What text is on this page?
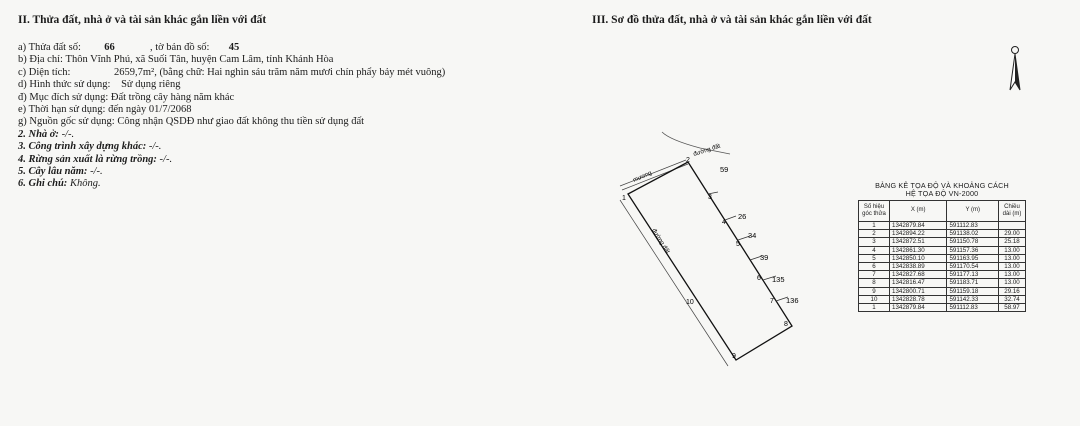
II. Thửa đất, nhà ở và tài sản khác gắn liền với đất
a) Thửa đất số: 66	, tờ bản đồ số: 45
b) Địa chỉ: Thôn Vĩnh Phú, xã Suối Tân, huyện Cam Lâm, tỉnh Khánh Hòa
c) Diện tích:	2659,7m², (bằng chữ: Hai nghìn sáu trăm năm mươi chín phẩy bảy mét vuông)
d) Hình thức sử dụng: Sử dụng riêng
đ) Mục đích sử dụng: Đất trồng cây hàng năm khác
e) Thời hạn sử dụng: đến ngày 01/7/2068
g) Nguồn gốc sử dụng: Công nhận QSDĐ như giao đất không thu tiền sử dụng đất
2. Nhà ở: -/-.
3. Công trình xây dựng khác: -/-.
4. Rừng sản xuất là rừng trồng: -/-.
5. Cây lâu năm: -/-.
6. Ghi chú: Không.
III. Sơ đồ thửa đất, nhà ở và tài sản khác gắn liền với đất
mương
đường đất
đường đất
59
26
34
39
135
136
1
2
3
4
5
6
7
8
9
10
BẢNG KÊ TỌA ĐỘ VÀ KHOẢNG CÁCH
HỆ TỌA ĐỘ VN-2000
Số hiệu góc thửa	X (m)	Y (m)	Chiều dài (m)
1	1342879.84	591112.83	
2	1342894.22	591138.02	29.00
3	1342872.51	591150.78	25.18
4	1342861.30	591157.36	13.00
5	1342850.10	591163.95	13.00
6	1342838.89	591170.54	13.00
7	1342827.68	591177.13	13.00
8	1342816.47	591183.71	13.00
9	1342800.71	591159.18	29.16
10	1342828.78	591142.33	32.74
1	1342879.84	591112.83	58.97
